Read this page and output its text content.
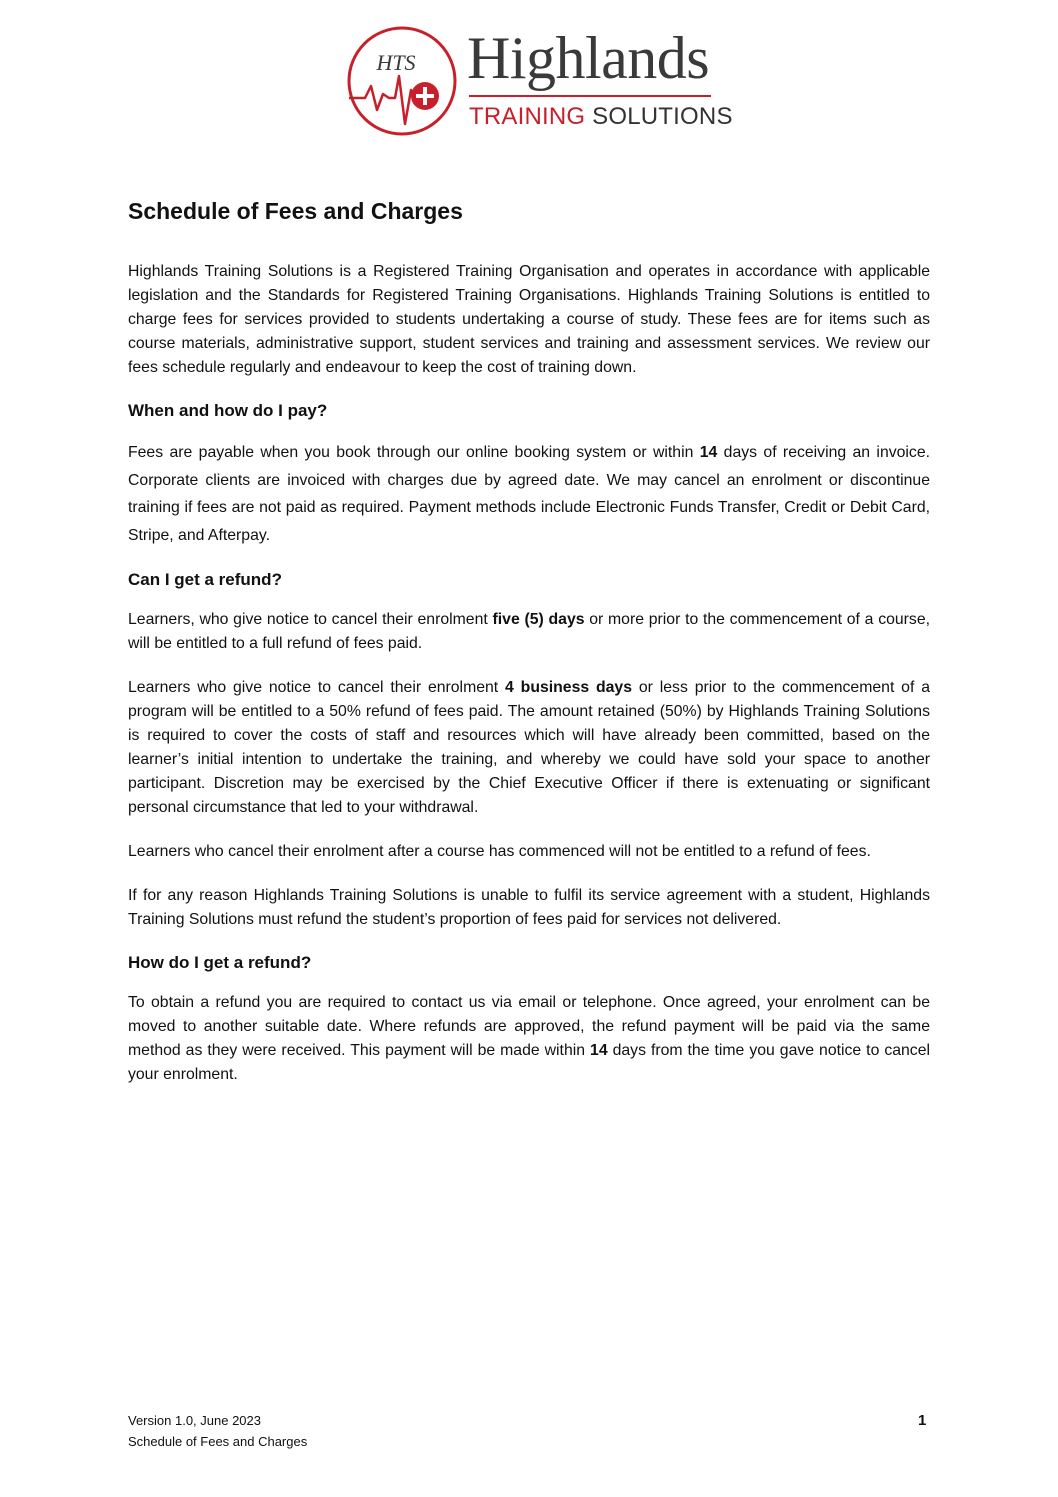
HTS Highlands
TRAINING SOLUTIONS
Schedule of Fees and Charges

Highlands Training Solutions is a Registered Training Organisation and operates in accordance with applicable legislation and the Standards for Registered Training Organisations. Highlands Training Solutions is entitled to charge fees for services provided to students undertaking a course of study. These fees are for items such as course materials, administrative support, student services and training and assessment services. We review our fees schedule regularly and endeavour to keep the cost of training down.

When and how do I pay?

Fees are payable when you book through our online booking system or within 14 days of receiving an invoice. Corporate clients are invoiced with charges due by agreed date. We may cancel an enrolment or discontinue training if fees are not paid as required. Payment methods include Electronic Funds Transfer, Credit or Debit Card, Stripe, and Afterpay.

Can I get a refund?

Learners, who give notice to cancel their enrolment five (5) days or more prior to the commencement of a course, will be entitled to a full refund of fees paid.

Learners who give notice to cancel their enrolment 4 business days or less prior to the commencement of a program will be entitled to a 50% refund of fees paid. The amount retained (50%) by Highlands Training Solutions is required to cover the costs of staff and resources which will have already been committed, based on the learner’s initial intention to undertake the training, and whereby we could have sold your space to another participant. Discretion may be exercised by the Chief Executive Officer if there is extenuating or significant personal circumstance that led to your withdrawal.

Learners who cancel their enrolment after a course has commenced will not be entitled to a refund of fees.

If for any reason Highlands Training Solutions is unable to fulfil its service agreement with a student, Highlands Training Solutions must refund the student’s proportion of fees paid for services not delivered.

How do I get a refund?

To obtain a refund you are required to contact us via email or telephone. Once agreed, your enrolment can be moved to another suitable date. Where refunds are approved, the refund payment will be paid via the same method as they were received. This payment will be made within 14 days from the time you gave notice to cancel your enrolment.

Version 1.0, June 2023
Schedule of Fees and Charges
1
